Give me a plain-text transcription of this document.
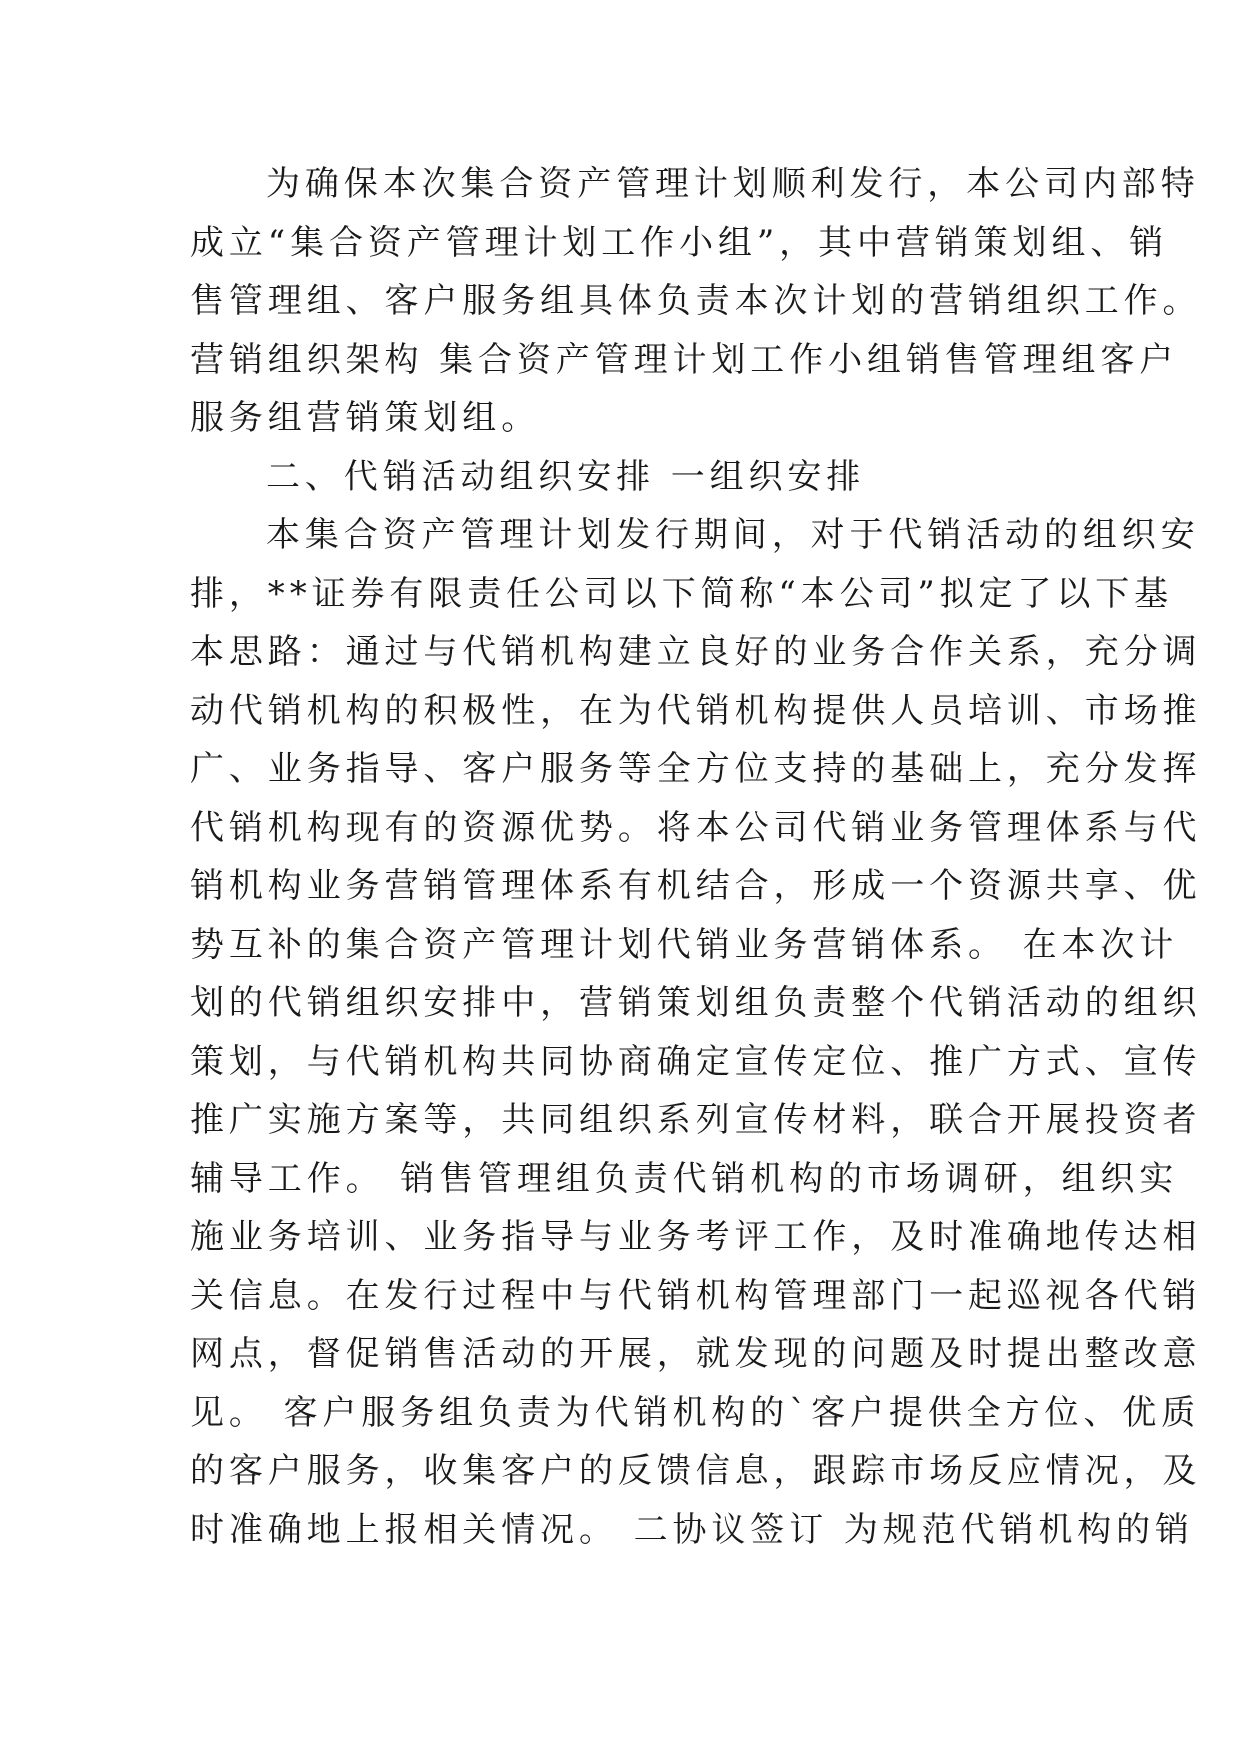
为确保本次集合资产管理计划顺利发行，本公司内部特
成立“集合资产管理计划工作小组”，其中营销策划组、销
售管理组、客户服务组具体负责本次计划的营销组织工作。
营销组织架构 集合资产管理计划工作小组销售管理组客户
服务组营销策划组。
二、代销活动组织安排 一组织安排
本集合资产管理计划发行期间，对于代销活动的组织安
排，**证券有限责任公司以下简称“本公司”拟定了以下基
本思路：通过与代销机构建立良好的业务合作关系，充分调
动代销机构的积极性，在为代销机构提供人员培训、市场推
广、业务指导、客户服务等全方位支持的基础上，充分发挥
代销机构现有的资源优势。将本公司代销业务管理体系与代
销机构业务营销管理体系有机结合，形成一个资源共享、优
势互补的集合资产管理计划代销业务营销体系。 在本次计
划的代销组织安排中，营销策划组负责整个代销活动的组织
策划，与代销机构共同协商确定宣传定位、推广方式、宣传
推广实施方案等，共同组织系列宣传材料，联合开展投资者
辅导工作。 销售管理组负责代销机构的市场调研，组织实
施业务培训、业务指导与业务考评工作，及时准确地传达相
关信息。在发行过程中与代销机构管理部门一起巡视各代销
网点，督促销售活动的开展，就发现的问题及时提出整改意
见。 客户服务组负责为代销机构的`客户提供全方位、优质
的客户服务，收集客户的反馈信息，跟踪市场反应情况，及
时准确地上报相关情况。 二协议签订 为规范代销机构的销
